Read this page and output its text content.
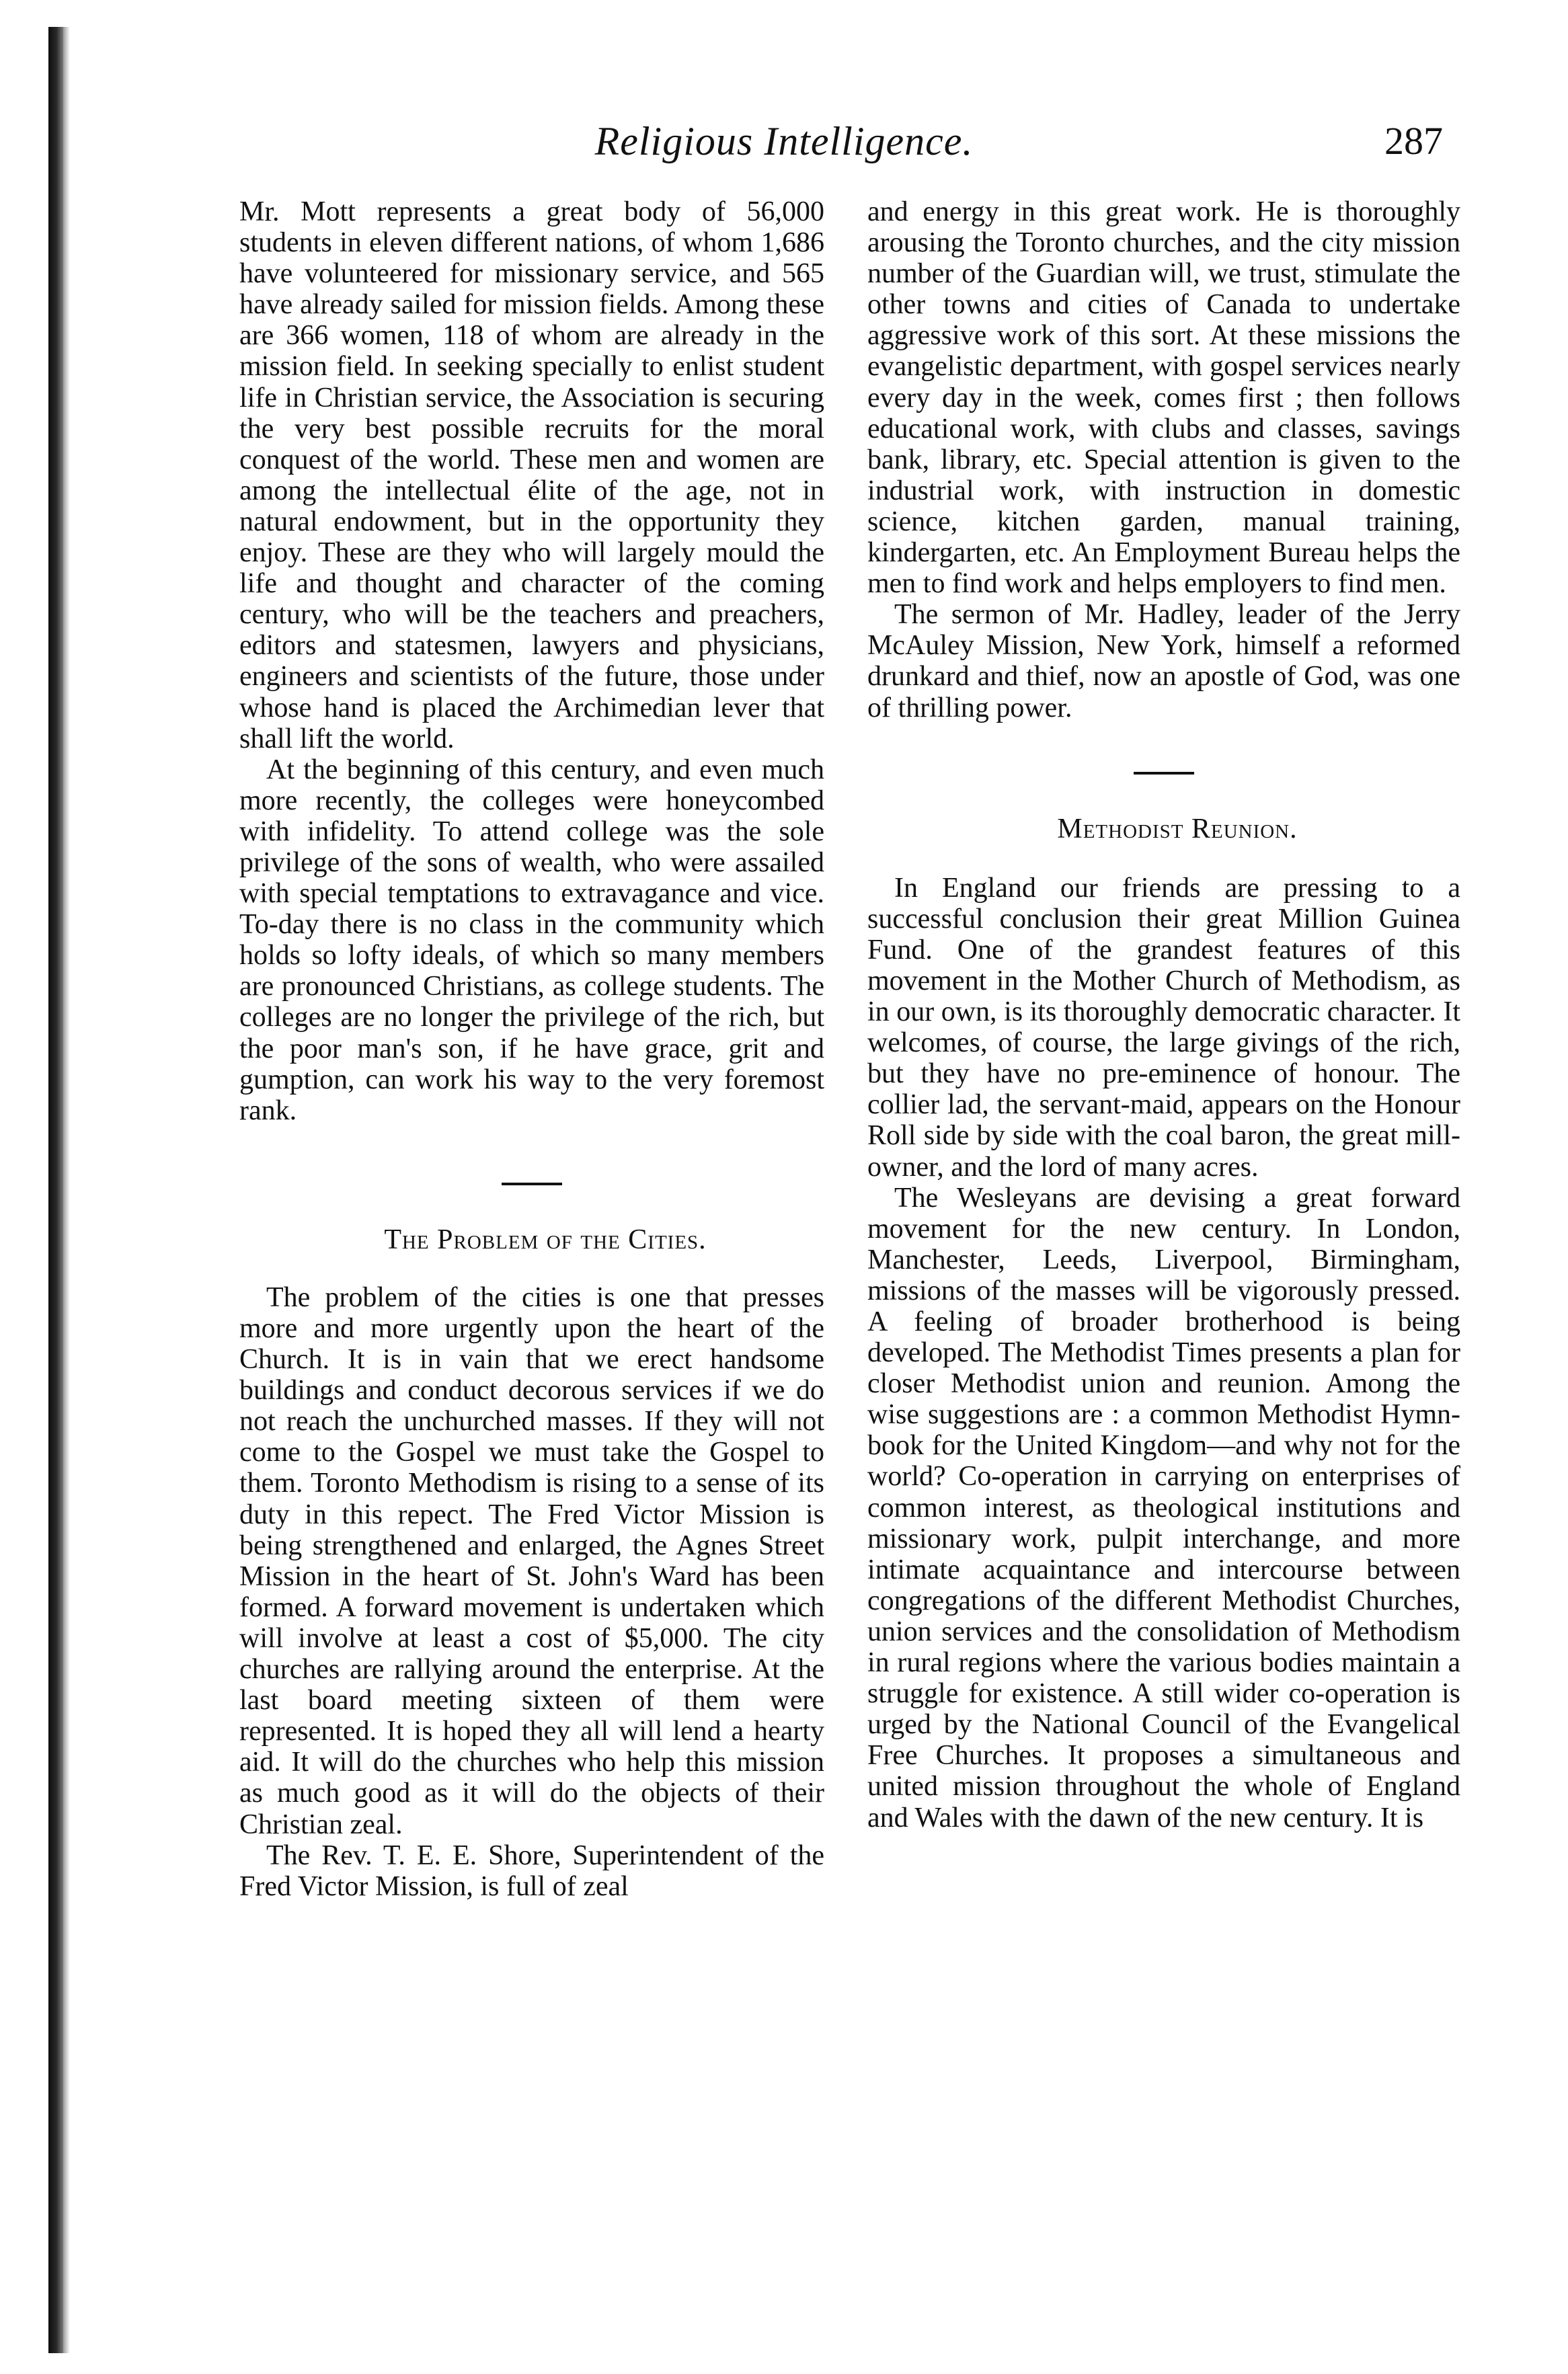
Religious Intelligence.	287

Mr. Mott represents a great body of 56,000 students in eleven different nations, of whom 1,686 have volunteered for missionary service, and 565 have already sailed for mission fields. Among these are 366 women, 118 of whom are already in the mission field. In seeking specially to enlist student life in Christian service, the Association is securing the very best possible recruits for the moral conquest of the world. These men and women are among the intellectual élite of the age, not in natural endowment, but in the opportunity they enjoy. These are they who will largely mould the life and thought and character of the coming century, who will be the teachers and preachers, editors and statesmen, lawyers and physicians, engineers and scientists of the future, those under whose hand is placed the Archimedian lever that shall lift the world.

At the beginning of this century, and even much more recently, the colleges were honeycombed with infidelity. To attend college was the sole privilege of the sons of wealth, who were assailed with special temptations to extravagance and vice. To-day there is no class in the community which holds so lofty ideals, of which so many members are pronounced Christians, as college students. The colleges are no longer the privilege of the rich, but the poor man's son, if he have grace, grit and gumption, can work his way to the very foremost rank.

The Problem of the Cities.

The problem of the cities is one that presses more and more urgently upon the heart of the Church. It is in vain that we erect handsome buildings and conduct decorous services if we do not reach the unchurched masses. If they will not come to the Gospel we must take the Gospel to them. Toronto Methodism is rising to a sense of its duty in this repect. The Fred Victor Mission is being strengthened and enlarged, the Agnes Street Mission in the heart of St. John's Ward has been formed. A forward movement is undertaken which will involve at least a cost of $5,000. The city churches are rallying around the enterprise. At the last board meeting sixteen of them were represented. It is hoped they all will lend a hearty aid. It will do the churches who help this mission as much good as it will do the objects of their Christian zeal.

The Rev. T. E. E. Shore, Superintendent of the Fred Victor Mission, is full of zeal

and energy in this great work. He is thoroughly arousing the Toronto churches, and the city mission number of the Guardian will, we trust, stimulate the other towns and cities of Canada to undertake aggressive work of this sort. At these missions the evangelistic department, with gospel services nearly every day in the week, comes first ; then follows educational work, with clubs and classes, savings bank, library, etc. Special attention is given to the industrial work, with instruction in domestic science, kitchen garden, manual training, kindergarten, etc. An Employment Bureau helps the men to find work and helps employers to find men.

The sermon of Mr. Hadley, leader of the Jerry McAuley Mission, New York, himself a reformed drunkard and thief, now an apostle of God, was one of thrilling power.

Methodist Reunion.

In England our friends are pressing to a successful conclusion their great Million Guinea Fund. One of the grandest features of this movement in the Mother Church of Methodism, as in our own, is its thoroughly democratic character. It welcomes, of course, the large givings of the rich, but they have no pre-eminence of honour. The collier lad, the servant-maid, appears on the Honour Roll side by side with the coal baron, the great mill-owner, and the lord of many acres.

The Wesleyans are devising a great forward movement for the new century. In London, Manchester, Leeds, Liverpool, Birmingham, missions of the masses will be vigorously pressed. A feeling of broader brotherhood is being developed. The Methodist Times presents a plan for closer Methodist union and reunion. Among the wise suggestions are : a common Methodist Hymn-book for the United Kingdom—and why not for the world? Co-operation in carrying on enterprises of common interest, as theological institutions and missionary work, pulpit interchange, and more intimate acquaintance and intercourse between congregations of the different Methodist Churches, union services and the consolidation of Methodism in rural regions where the various bodies maintain a struggle for existence. A still wider co-operation is urged by the National Council of the Evangelical Free Churches. It proposes a simultaneous and united mission throughout the whole of England and Wales with the dawn of the new century. It is
